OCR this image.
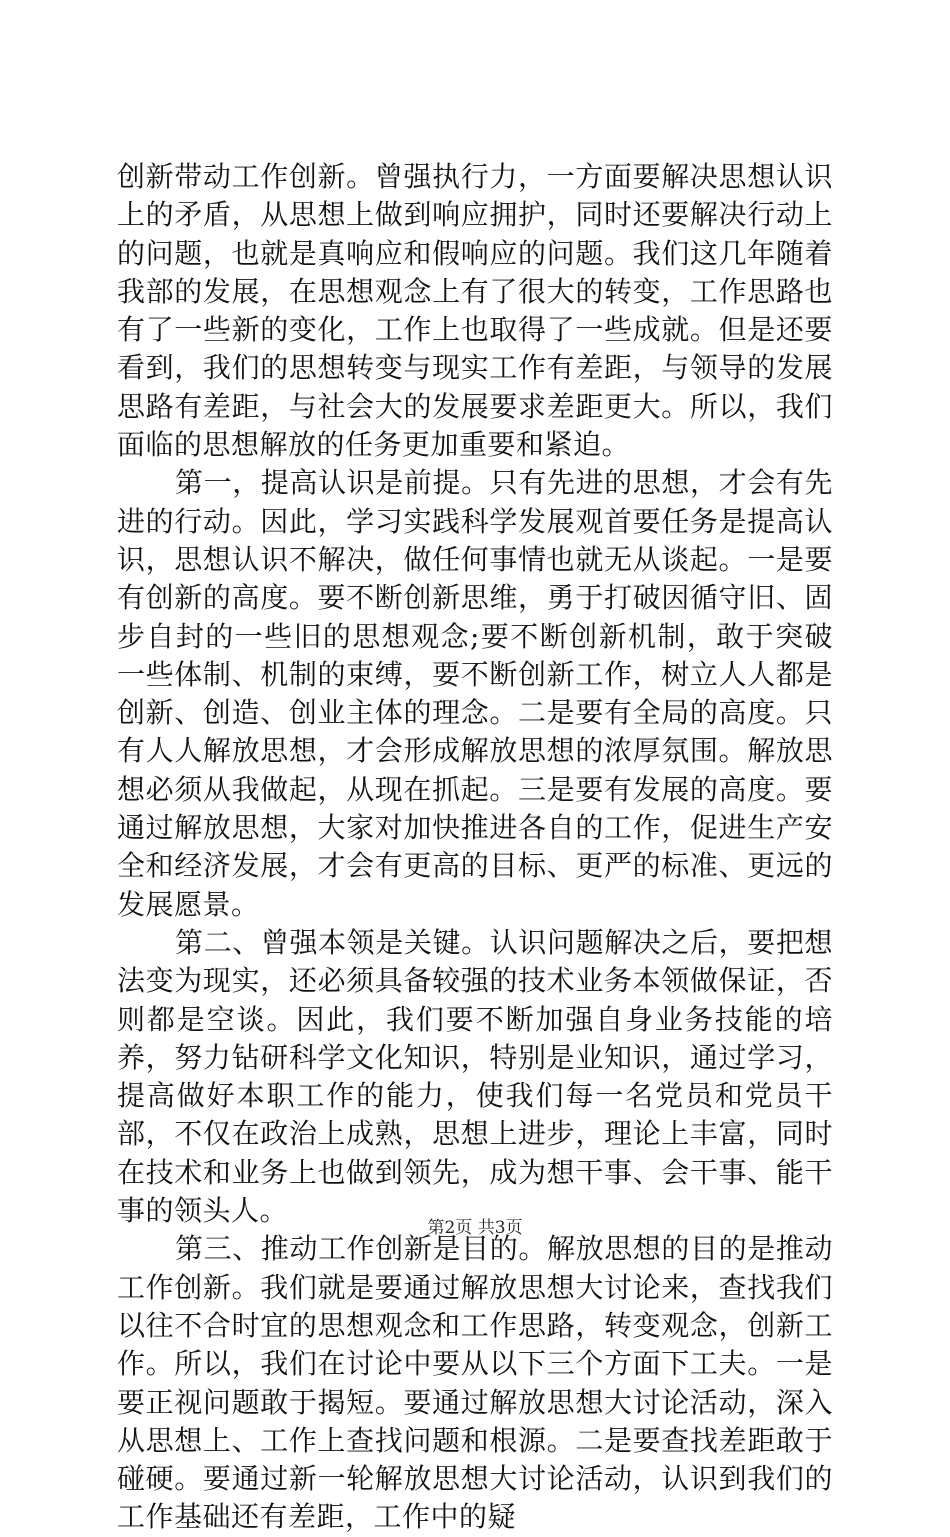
创新带动工作创新。曾强执行力，一方面要解决思想认识上的矛盾，从思想上做到响应拥护，同时还要解决行动上的问题，也就是真响应和假响应的问题。我们这几年随着我部的发展，在思想观念上有了很大的转变，工作思路也有了一些新的变化，工作上也取得了一些成就。但是还要看到，我们的思想转变与现实工作有差距，与领导的发展思路有差距，与社会大的发展要求差距更大。所以，我们面临的思想解放的任务更加重要和紧迫。

第一，提高认识是前提。只有先进的思想，才会有先进的行动。因此，学习实践科学发展观首要任务是提高认识，思想认识不解决，做任何事情也就无从谈起。一是要有创新的高度。要不断创新思维，勇于打破因循守旧、固步自封的一些旧的思想观念;要不断创新机制，敢于突破一些体制、机制的束缚，要不断创新工作，树立人人都是创新、创造、创业主体的理念。二是要有全局的高度。只有人人解放思想，才会形成解放思想的浓厚氛围。解放思想必须从我做起，从现在抓起。三是要有发展的高度。要通过解放思想，大家对加快推进各自的工作，促进生产安全和经济发展，才会有更高的目标、更严的标准、更远的发展愿景。

第二、曾强本领是关键。认识问题解决之后，要把想法变为现实，还必须具备较强的技术业务本领做保证，否则都是空谈。因此，我们要不断加强自身业务技能的培养，努力钻研科学文化知识，特别是业知识，通过学习，提高做好本职工作的能力，使我们每一名党员和党员干部，不仅在政治上成熟，思想上进步，理论上丰富，同时在技术和业务上也做到领先，成为想干事、会干事、能干事的领头人。

第三、推动工作创新是目的。解放思想的目的是推动工作创新。我们就是要通过解放思想大讨论来，查找我们以往不合时宜的思想观念和工作思路，转变观念，创新工作。所以，我们在讨论中要从以下三个方面下工夫。一是要正视问题敢于揭短。要通过解放思想大讨论活动，深入从思想上、工作上查找问题和根源。二是要查找差距敢于碰硬。要通过新一轮解放思想大讨论活动，认识到我们的工作基础还有差距，工作中的疑

第2页 共3页
